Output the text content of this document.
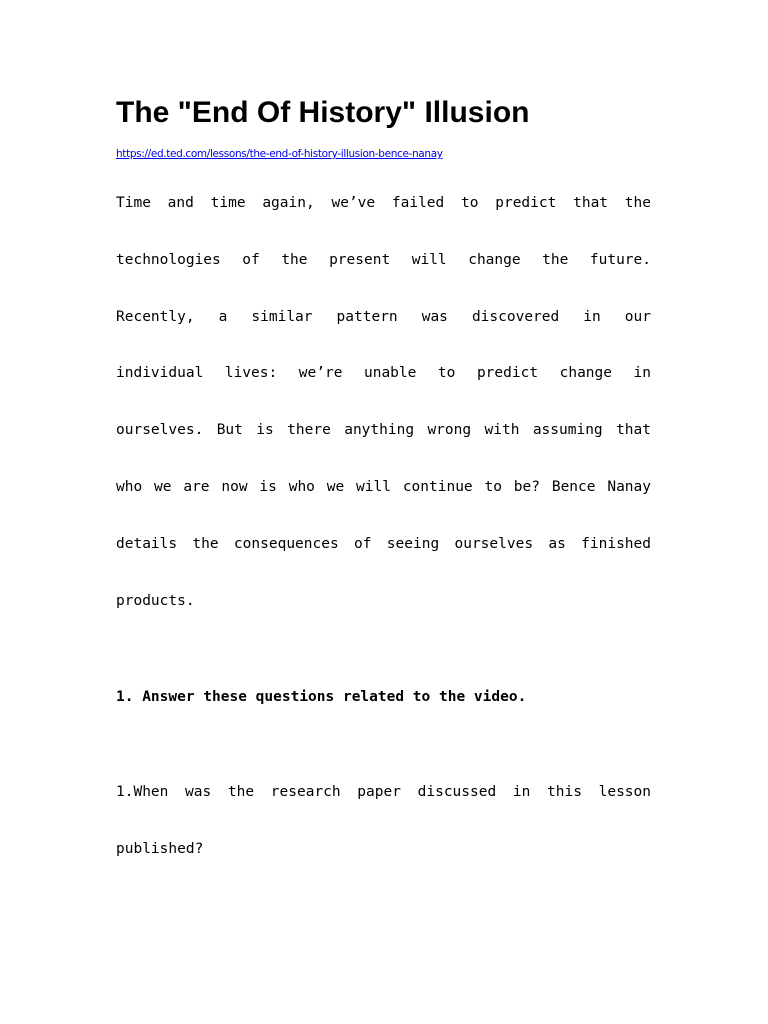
The "End Of History" Illusion
https://ed.ted.com/lessons/the-end-of-history-illusion-bence-nanay
Time and time again, we’ve failed to predict that the
technologies of the present will change the future.
Recently, a similar pattern was discovered in our
individual lives: we’re unable to predict change in
ourselves. But is there anything wrong with assuming that
who we are now is who we will continue to be? Bence Nanay
details the consequences of seeing ourselves as finished
products.
1. Answer these questions related to the video.
1.When was the research paper discussed in this lesson
published?
